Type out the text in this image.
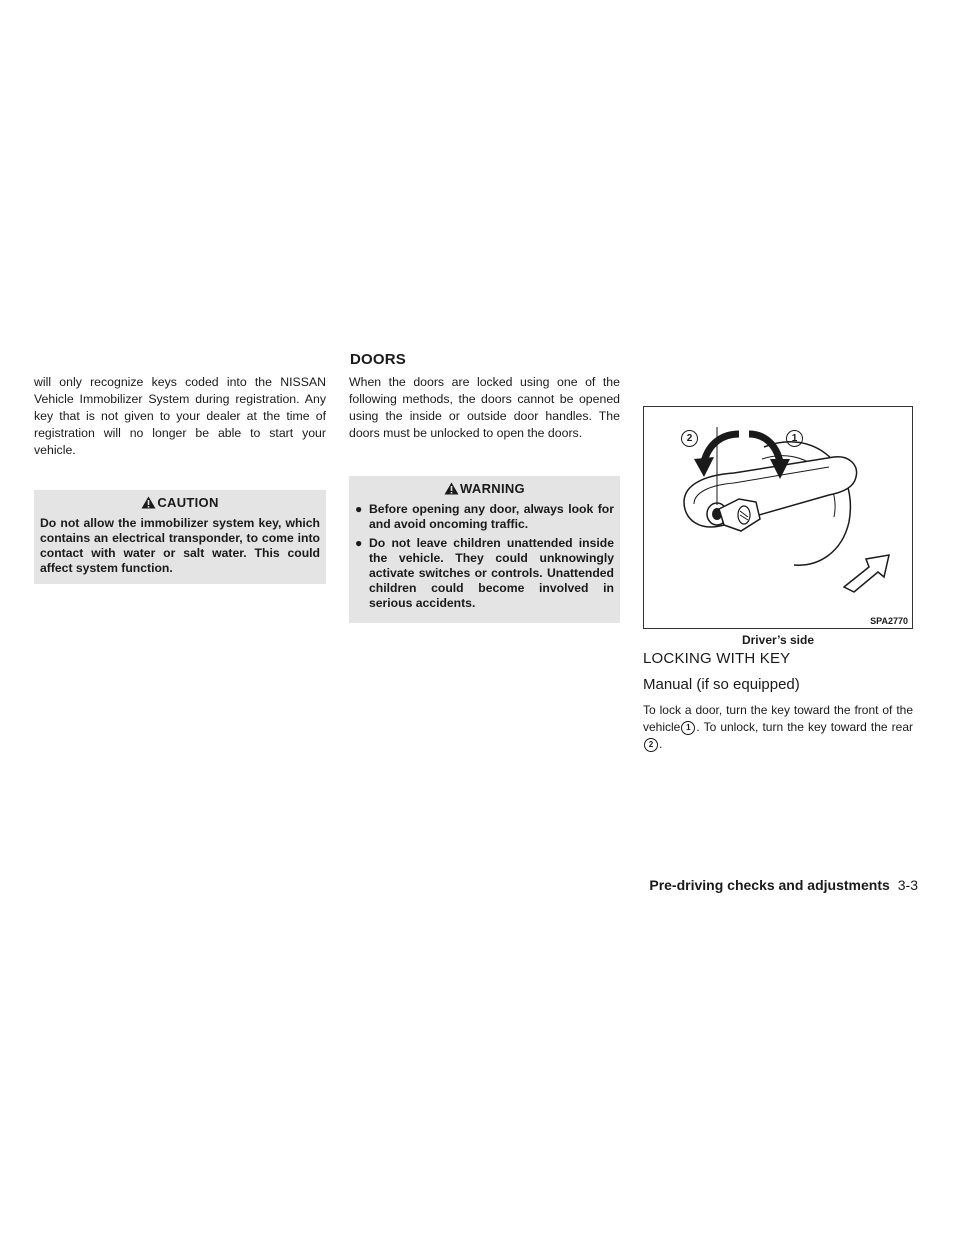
DOORS
will only recognize keys coded into the NISSAN Vehicle Immobilizer System during registration. Any key that is not given to your dealer at the time of registration will no longer be able to start your vehicle.
CAUTION
Do not allow the immobilizer system key, which contains an electrical transponder, to come into contact with water or salt water. This could affect system function.
When the doors are locked using one of the following methods, the doors cannot be opened using the inside or outside door handles. The doors must be unlocked to open the doors.
WARNING
● Before opening any door, always look for and avoid oncoming traffic.
● Do not leave children unattended inside the vehicle. They could unknowingly activate switches or controls. Unattended children could become involved in serious accidents.
2	1
SPA2770
Driver’s side
LOCKING WITH KEY
Manual (if so equipped)
To lock a door, turn the key toward the front of the vehicle 1 . To unlock, turn the key toward the rear 2 .
Pre-driving checks and adjustments 3-3
